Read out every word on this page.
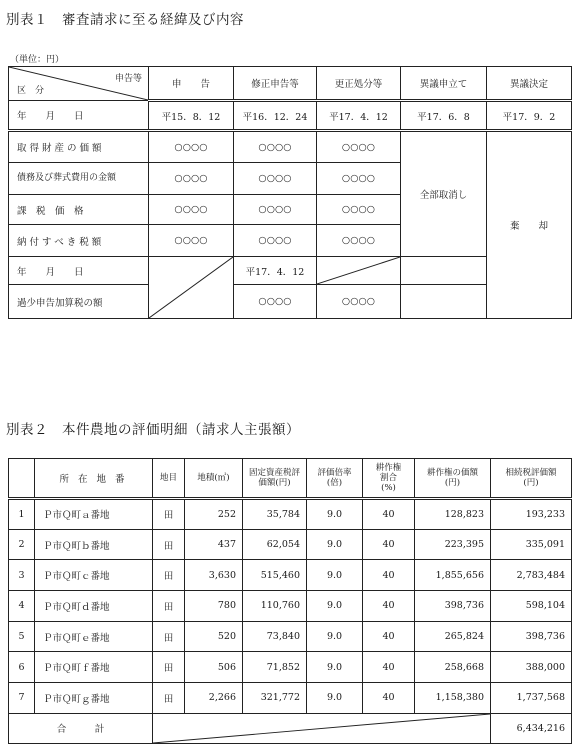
別表１　審査請求に至る経緯及び内容
（単位：円）
申告等
区　分	申　　告	修正申告等	更正処分等	異議申立て	異議決定
年　　月　　日	平15．8．12	平16．12．24	平17．4．12	平17．6．8	平17．9．2
取得財産の価額	○○○○	○○○○	○○○○	全部取消し	棄　　却
債務及び葬式費用の金額	○○○○	○○○○	○○○○		
課　税　価　格	○○○○	○○○○	○○○○		
納付すべき税額	○○○○	○○○○	○○○○		
年　　月　　日		平17．4．12	

過少申告加算税の額		○○○○	○○○○		
別表２　本件農地の評価明細（請求人主張額）
	所 在 地 番	地目	地積(㎡)	固定資産税評価額(円)	評価倍率(倍)	耕作権割合(%)	耕作権の価額(円)	相続税評価額(円)
1	Ｐ市Ｑ町ａ番地	田	252	35,784	9.0	40	128,823	193,233
2	Ｐ市Ｑ町ｂ番地	田	437	62,054	9.0	40	223,395	335,091
3	Ｐ市Ｑ町ｃ番地	田	3,630	515,460	9.0	40	1,855,656	2,783,484
4	Ｐ市Ｑ町ｄ番地	田	780	110,760	9.0	40	398,736	598,104
5	Ｐ市Ｑ町ｅ番地	田	520	73,840	9.0	40	265,824	398,736
6	Ｐ市Ｑ町ｆ番地	田	506	71,852	9.0	40	258,668	388,000
7	Ｐ市Ｑ町ｇ番地	田	2,266	321,772	9.0	40	1,158,380	1,737,568
合　　　計								6,434,216
